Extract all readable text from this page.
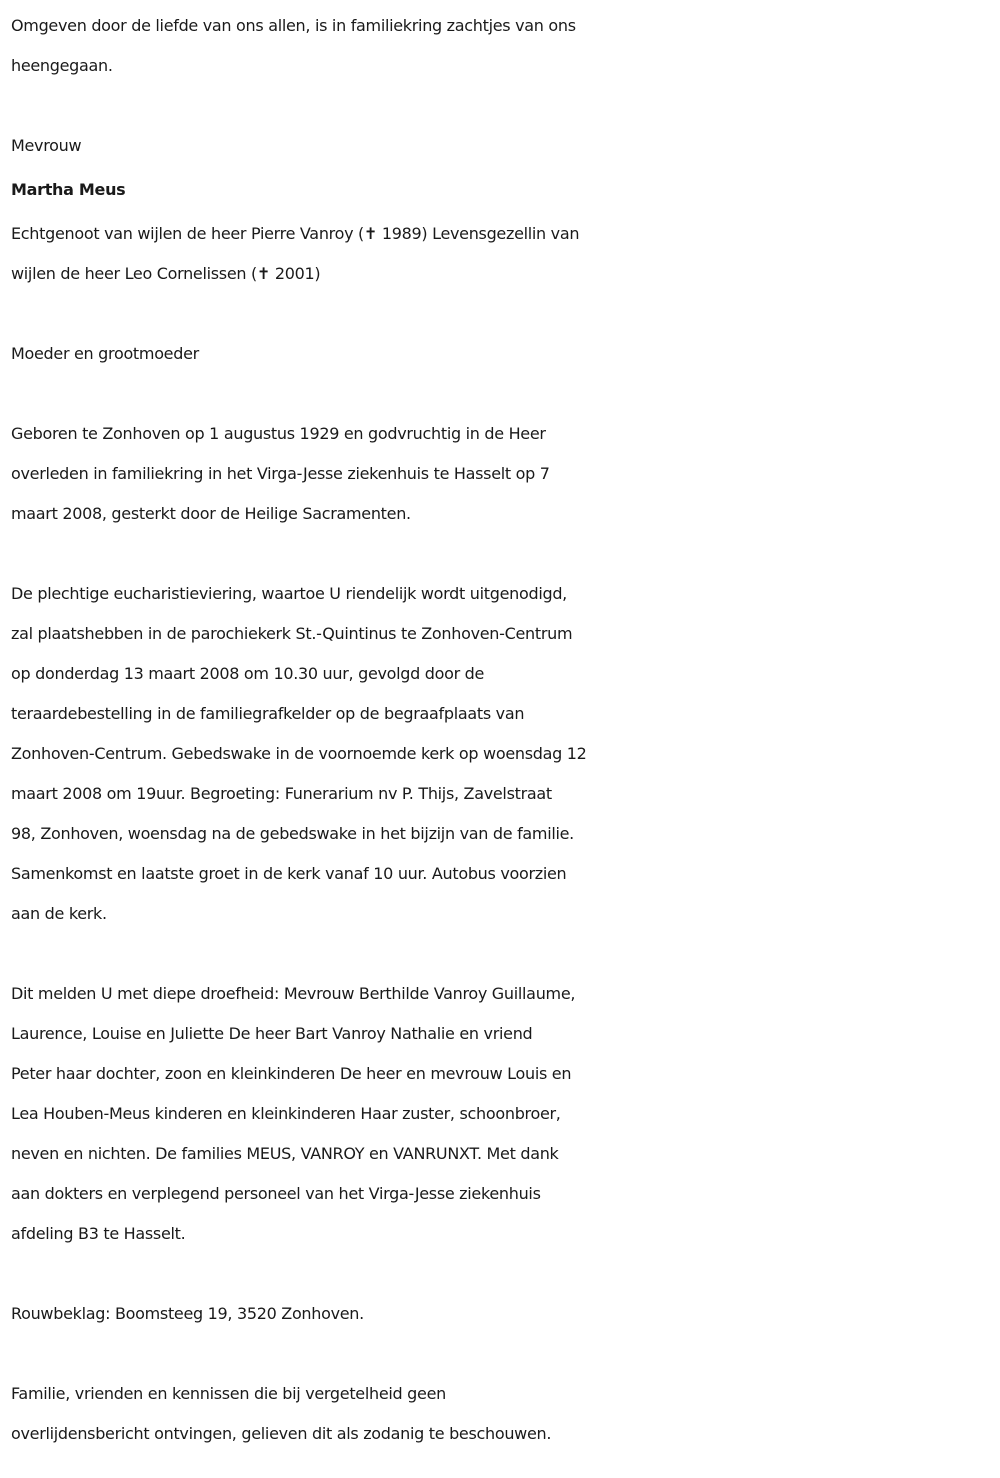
Omgeven door de liefde van ons allen, is in familiekring zachtjes van ons
heengegaan.
Mevrouw
Martha Meus
Echtgenoot van wijlen de heer Pierre Vanroy (✝ 1989) Levensgezellin van
wijlen de heer Leo Cornelissen (✝ 2001)
Moeder en grootmoeder
Geboren te Zonhoven op 1 augustus 1929 en godvruchtig in de Heer
overleden in familiekring in het Virga-Jesse ziekenhuis te Hasselt op 7
maart 2008, gesterkt door de Heilige Sacramenten.
De plechtige eucharistieviering, waartoe U riendelijk wordt uitgenodigd,
zal plaatshebben in de parochiekerk St.-Quintinus te Zonhoven-Centrum
op donderdag 13 maart 2008 om 10.30 uur, gevolgd door de
teraardebestelling in de familiegrafkelder op de begraafplaats van
Zonhoven-Centrum. Gebedswake in de voornoemde kerk op woensdag 12
maart 2008 om 19uur. Begroeting: Funerarium nv P. Thijs, Zavelstraat
98, Zonhoven, woensdag na de gebedswake in het bijzijn van de familie.
Samenkomst en laatste groet in de kerk vanaf 10 uur. Autobus voorzien
aan de kerk.
Dit melden U met diepe droefheid: Mevrouw Berthilde Vanroy Guillaume,
Laurence, Louise en Juliette De heer Bart Vanroy Nathalie en vriend
Peter haar dochter, zoon en kleinkinderen De heer en mevrouw Louis en
Lea Houben-Meus kinderen en kleinkinderen Haar zuster, schoonbroer,
neven en nichten. De families MEUS, VANROY en VANRUNXT. Met dank
aan dokters en verplegend personeel van het Virga-Jesse ziekenhuis
afdeling B3 te Hasselt.
Rouwbeklag: Boomsteeg 19, 3520 Zonhoven.
Familie, vrienden en kennissen die bij vergetelheid geen
overlijdensbericht ontvingen, gelieven dit als zodanig te beschouwen.
